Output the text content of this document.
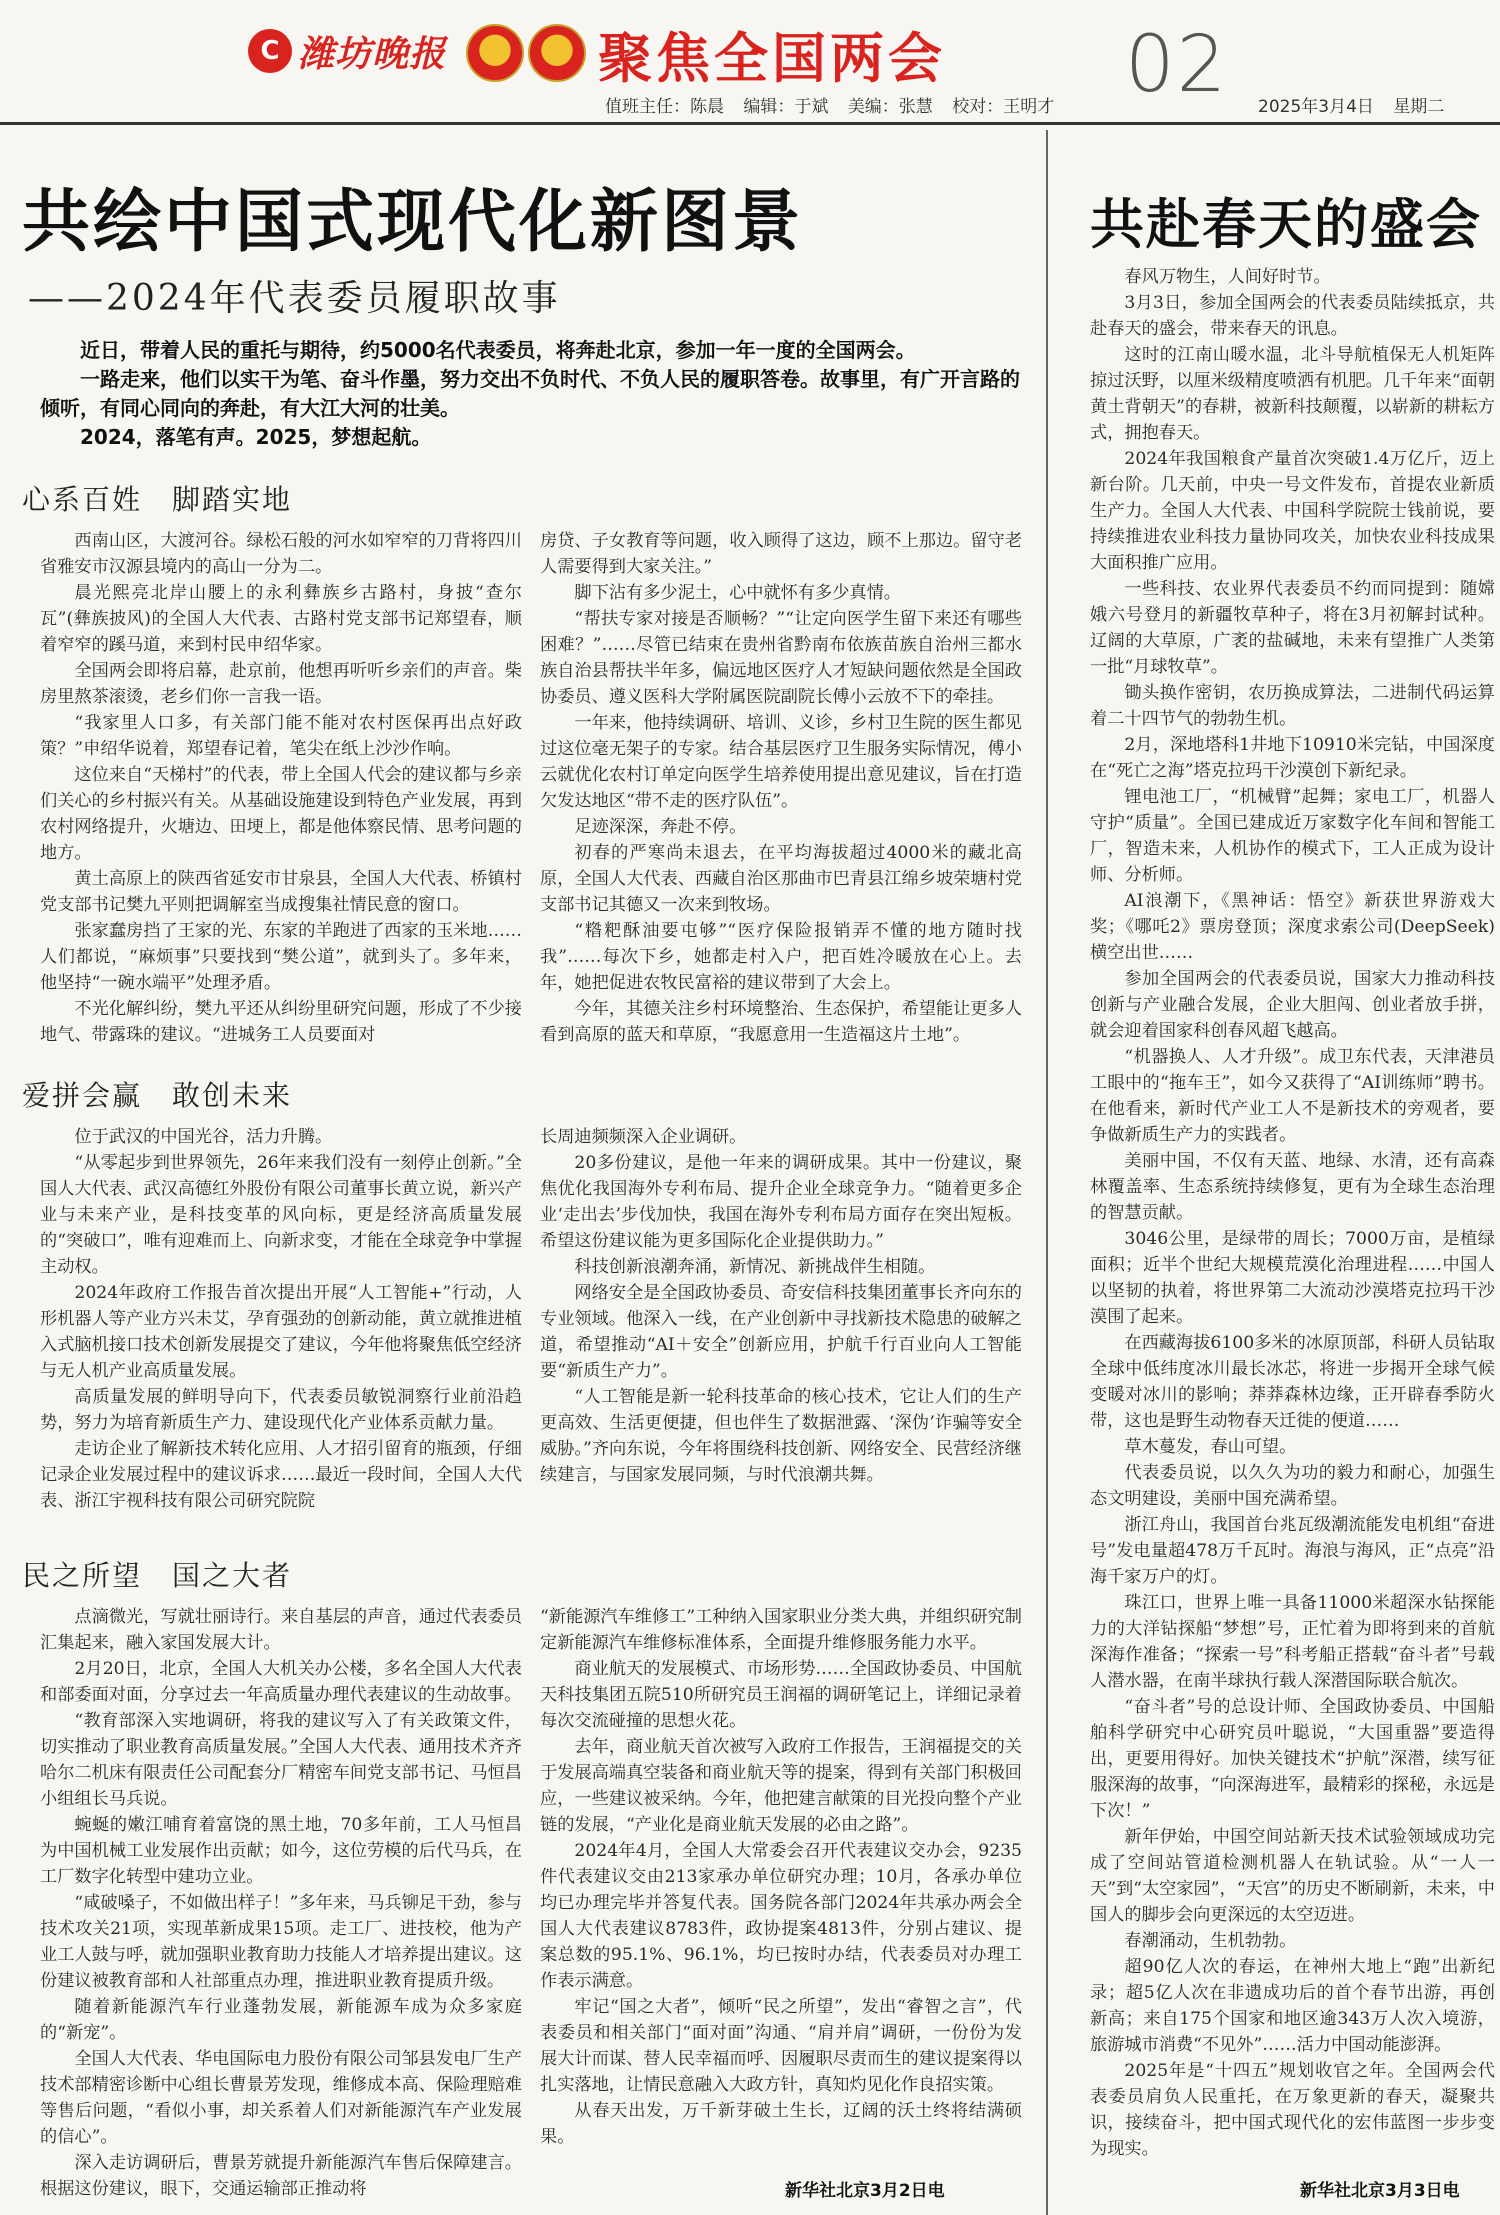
C 潍坊晚报	聚焦全国两会 02
值班主任：陈晨 编辑：于斌 美编：张慧 校对：王明才	2025年3月4日 星期二
共绘中国式现代化新图景
——2024年代表委员履职故事

近日，带着人民的重托与期待，约5000名代表委员，将奔赴北京，参加一年一度的全国两会。

一路走来，他们以实干为笔、奋斗作墨，努力交出不负时代、不负人民的履职答卷。故事里，有广开言路的倾听，有同心同向的奔赴，有大江大河的壮美。

2024，落笔有声。2025，梦想起航。

心系百姓　脚踏实地

西南山区，大渡河谷。绿松石般的河水如窄窄的刀背将四川省雅安市汉源县境内的高山一分为二。

晨光熙亮北岸山腰上的永利彝族乡古路村，身披“查尔瓦”(彝族披风)的全国人大代表、古路村党支部书记郑望春，顺着窄窄的蹊马道，来到村民申绍华家。

全国两会即将启幕，赴京前，他想再听听乡亲们的声音。柴房里熬茶滚烫，老乡们你一言我一语。

“我家里人口多，有关部门能不能对农村医保再出点好政策？”申绍华说着，郑望春记着，笔尖在纸上沙沙作响。

这位来自“天梯村”的代表，带上全国人代会的建议都与乡亲们关心的乡村振兴有关。从基础设施建设到特色产业发展，再到农村网络提升，火塘边、田埂上，都是他体察民情、思考问题的地方。

黄土高原上的陕西省延安市甘泉县，全国人大代表、桥镇村党支部书记樊九平则把调解室当成搜集社情民意的窗口。

张家蠢房挡了王家的光、东家的羊跑进了西家的玉米地……人们都说，“麻烦事”只要找到“樊公道”，就到头了。多年来，他坚持“一碗水端平”处理矛盾。

不光化解纠纷，樊九平还从纠纷里研究问题，形成了不少接地气、带露珠的建议。“进城务工人员要面对

房贷、子女教育等问题，收入顾得了这边，顾不上那边。留守老人需要得到大家关注。”

脚下沾有多少泥土，心中就怀有多少真情。

“帮扶专家对接是否顺畅？”“让定向医学生留下来还有哪些困难？”……尽管已结束在贵州省黔南布依族苗族自治州三都水族自治县帮扶半年多，偏远地区医疗人才短缺问题依然是全国政协委员、遵义医科大学附属医院副院长傅小云放不下的牵挂。

一年来，他持续调研、培训、义诊，乡村卫生院的医生都见过这位毫无架子的专家。结合基层医疗卫生服务实际情况，傅小云就优化农村订单定向医学生培养使用提出意见建议，旨在打造欠发达地区“带不走的医疗队伍”。

足迹深深，奔赴不停。

初春的严寒尚未退去，在平均海拔超过4000米的藏北高原，全国人大代表、西藏自治区那曲市巴青县江绵乡坡荣塘村党支部书记其德又一次来到牧场。

“糌粑酥油要屯够”“医疗保险报销弄不懂的地方随时找我”……每次下乡，她都走村入户，把百姓冷暖放在心上。去年，她把促进农牧民富裕的建议带到了大会上。

今年，其德关注乡村环境整治、生态保护，希望能让更多人看到高原的蓝天和草原，“我愿意用一生造福这片土地”。

爱拼会赢　敢创未来

位于武汉的中国光谷，活力升腾。

“从零起步到世界领先，26年来我们没有一刻停止创新。”全国人大代表、武汉高德红外股份有限公司董事长黄立说，新兴产业与未来产业，是科技变革的风向标，更是经济高质量发展的“突破口”，唯有迎难而上、向新求变，才能在全球竞争中掌握主动权。

2024年政府工作报告首次提出开展“人工智能+”行动，人形机器人等产业方兴未艾，孕育强劲的创新动能，黄立就推进植入式脑机接口技术创新发展提交了建议，今年他将聚焦低空经济与无人机产业高质量发展。

高质量发展的鲜明导向下，代表委员敏锐洞察行业前沿趋势，努力为培育新质生产力、建设现代化产业体系贡献力量。

走访企业了解新技术转化应用、人才招引留育的瓶颈，仔细记录企业发展过程中的建议诉求……最近一段时间，全国人大代表、浙江宇视科技有限公司研究院院

长周迪频频深入企业调研。

20多份建议，是他一年来的调研成果。其中一份建议，聚焦优化我国海外专利布局、提升企业全球竞争力。“随着更多企业‘走出去’步伐加快，我国在海外专利布局方面存在突出短板。希望这份建议能为更多国际化企业提供助力。”

科技创新浪潮奔涌，新情况、新挑战伴生相随。

网络安全是全国政协委员、奇安信科技集团董事长齐向东的专业领域。他深入一线，在产业创新中寻找新技术隐患的破解之道，希望推动“AI＋安全”创新应用，护航千行百业向人工智能要“新质生产力”。

“人工智能是新一轮科技革命的核心技术，它让人们的生产更高效、生活更便捷，但也伴生了数据泄露、‘深伪’诈骗等安全威胁。”齐向东说，今年将围绕科技创新、网络安全、民营经济继续建言，与国家发展同频，与时代浪潮共舞。

民之所望　国之大者

点滴微光，写就壮丽诗行。来自基层的声音，通过代表委员汇集起来，融入家国发展大计。

2月20日，北京，全国人大机关办公楼，多名全国人大代表和部委面对面，分享过去一年高质量办理代表建议的生动故事。

“教育部深入实地调研，将我的建议写入了有关政策文件，切实推动了职业教育高质量发展。”全国人大代表、通用技术齐齐哈尔二机床有限责任公司配套分厂精密车间党支部书记、马恒昌小组组长马兵说。

蜿蜒的嫩江哺育着富饶的黑土地，70多年前，工人马恒昌为中国机械工业发展作出贡献；如今，这位劳模的后代马兵，在工厂数字化转型中建功立业。

“咸破嗓子，不如做出样子！”多年来，马兵铆足干劲，参与技术攻关21项，实现革新成果15项。走工厂、进技校，他为产业工人鼓与呼，就加强职业教育助力技能人才培养提出建议。这份建议被教育部和人社部重点办理，推进职业教育提质升级。

随着新能源汽车行业蓬勃发展，新能源车成为众多家庭的“新宠”。

全国人大代表、华电国际电力股份有限公司邹县发电厂生产技术部精密诊断中心组长曹景芳发现，维修成本高、保险理赔难等售后问题，“看似小事，却关系着人们对新能源汽车产业发展的信心”。

深入走访调研后，曹景芳就提升新能源汽车售后保障建言。根据这份建议，眼下，交通运输部正推动将

“新能源汽车维修工”工种纳入国家职业分类大典，并组织研究制定新能源汽车维修标准体系，全面提升维修服务能力水平。

商业航天的发展模式、市场形势……全国政协委员、中国航天科技集团五院510所研究员王润福的调研笔记上，详细记录着每次交流碰撞的思想火花。

去年，商业航天首次被写入政府工作报告，王润福提交的关于发展高端真空装备和商业航天等的提案，得到有关部门积极回应，一些建议被采纳。今年，他把建言献策的目光投向整个产业链的发展，“产业化是商业航天发展的必由之路”。

2024年4月，全国人大常委会召开代表建议交办会，9235件代表建议交由213家承办单位研究办理；10月，各承办单位均已办理完毕并答复代表。国务院各部门2024年共承办两会全国人大代表建议8783件，政协提案4813件，分别占建议、提案总数的95.1%、96.1%，均已按时办结，代表委员对办理工作表示满意。

牢记“国之大者”，倾听“民之所望”，发出“睿智之言”，代表委员和相关部门“面对面”沟通、“肩并肩”调研，一份份为发展大计而谋、替人民幸福而呼、因履职尽责而生的建议提案得以扎实落地，让情民意融入大政方针，真知灼见化作良招实策。

从春天出发，万千新芽破土生长，辽阔的沃土终将结满硕果。

新华社北京3月2日电
共赴春天的盛会

春风万物生，人间好时节。

3月3日，参加全国两会的代表委员陆续抵京，共赴春天的盛会，带来春天的讯息。

这时的江南山暖水温，北斗导航植保无人机矩阵掠过沃野，以厘米级精度喷洒有机肥。几千年来“面朝黄土背朝天”的春耕，被新科技颠覆，以崭新的耕耘方式，拥抱春天。

2024年我国粮食产量首次突破1.4万亿斤，迈上新台阶。几天前，中央一号文件发布，首提农业新质生产力。全国人大代表、中国科学院院士钱前说，要持续推进农业科技力量协同攻关，加快农业科技成果大面积推广应用。

一些科技、农业界代表委员不约而同提到：随嫦娥六号登月的新疆牧草种子，将在3月初解封试种。辽阔的大草原，广袤的盐碱地，未来有望推广人类第一批“月球牧草”。

锄头换作密钥，农历换成算法，二进制代码运算着二十四节气的勃勃生机。

2月，深地塔科1井地下10910米完钻，中国深度在“死亡之海”塔克拉玛干沙漠创下新纪录。

锂电池工厂，“机械臂”起舞；家电工厂，机器人守护“质量”。全国已建成近万家数字化车间和智能工厂，智造未来，人机协作的模式下，工人正成为设计师、分析师。

AI浪潮下，《黑神话：悟空》新获世界游戏大奖；《哪吒2》票房登顶；深度求索公司(DeepSeek)横空出世……

参加全国两会的代表委员说，国家大力推动科技创新与产业融合发展，企业大胆闯、创业者放手拼，就会迎着国家科创春风超飞越高。

“机器换人、人才升级”。成卫东代表，天津港员工眼中的“拖车王”，如今又获得了“AI训练师”聘书。在他看来，新时代产业工人不是新技术的旁观者，要争做新质生产力的实践者。

美丽中国，不仅有天蓝、地绿、水清，还有高森林覆盖率、生态系统持续修复，更有为全球生态治理的智慧贡献。

3046公里，是绿带的周长；7000万亩，是植绿面积；近半个世纪大规模荒漠化治理进程……中国人以坚韧的执着，将世界第二大流动沙漠塔克拉玛干沙漠围了起来。

在西藏海拔6100多米的冰原顶部，科研人员钻取全球中低纬度冰川最长冰芯，将进一步揭开全球气候变暖对冰川的影响；莽莽森林边缘，正开辟春季防火带，这也是野生动物春天迁徙的便道……

草木蔓发，春山可望。

代表委员说，以久久为功的毅力和耐心，加强生态文明建设，美丽中国充满希望。

浙江舟山，我国首台兆瓦级潮流能发电机组“奋进号”发电量超478万千瓦时。海浪与海风，正“点亮”沿海千家万户的灯。

珠江口，世界上唯一具备11000米超深水钻探能力的大洋钻探船“梦想”号，正忙着为即将到来的首航深海作准备；“探索一号”科考船正搭载“奋斗者”号载人潜水器，在南半球执行载人深潜国际联合航次。

“奋斗者”号的总设计师、全国政协委员、中国船舶科学研究中心研究员叶聪说，“大国重器”要造得出，更要用得好。加快关键技术“护航”深潜，续写征服深海的故事，“向深海进军，最精彩的探秘，永远是下次！”

新年伊始，中国空间站新天技术试验领域成功完成了空间站管道检测机器人在轨试验。从“一人一天”到“太空家园”，“天宫”的历史不断刷新，未来，中国人的脚步会向更深远的太空迈进。

春潮涌动，生机勃勃。

超90亿人次的春运，在神州大地上“跑”出新纪录；超5亿人次在非遗成功后的首个春节出游，再创新高；来自175个国家和地区逾343万人次入境游，旅游城市消费“不见外”……活力中国动能澎湃。

2025年是“十四五”规划收官之年。全国两会代表委员肩负人民重托，在万象更新的春天，凝聚共识，接续奋斗，把中国式现代化的宏伟蓝图一步步变为现实。

新华社北京3月3日电
